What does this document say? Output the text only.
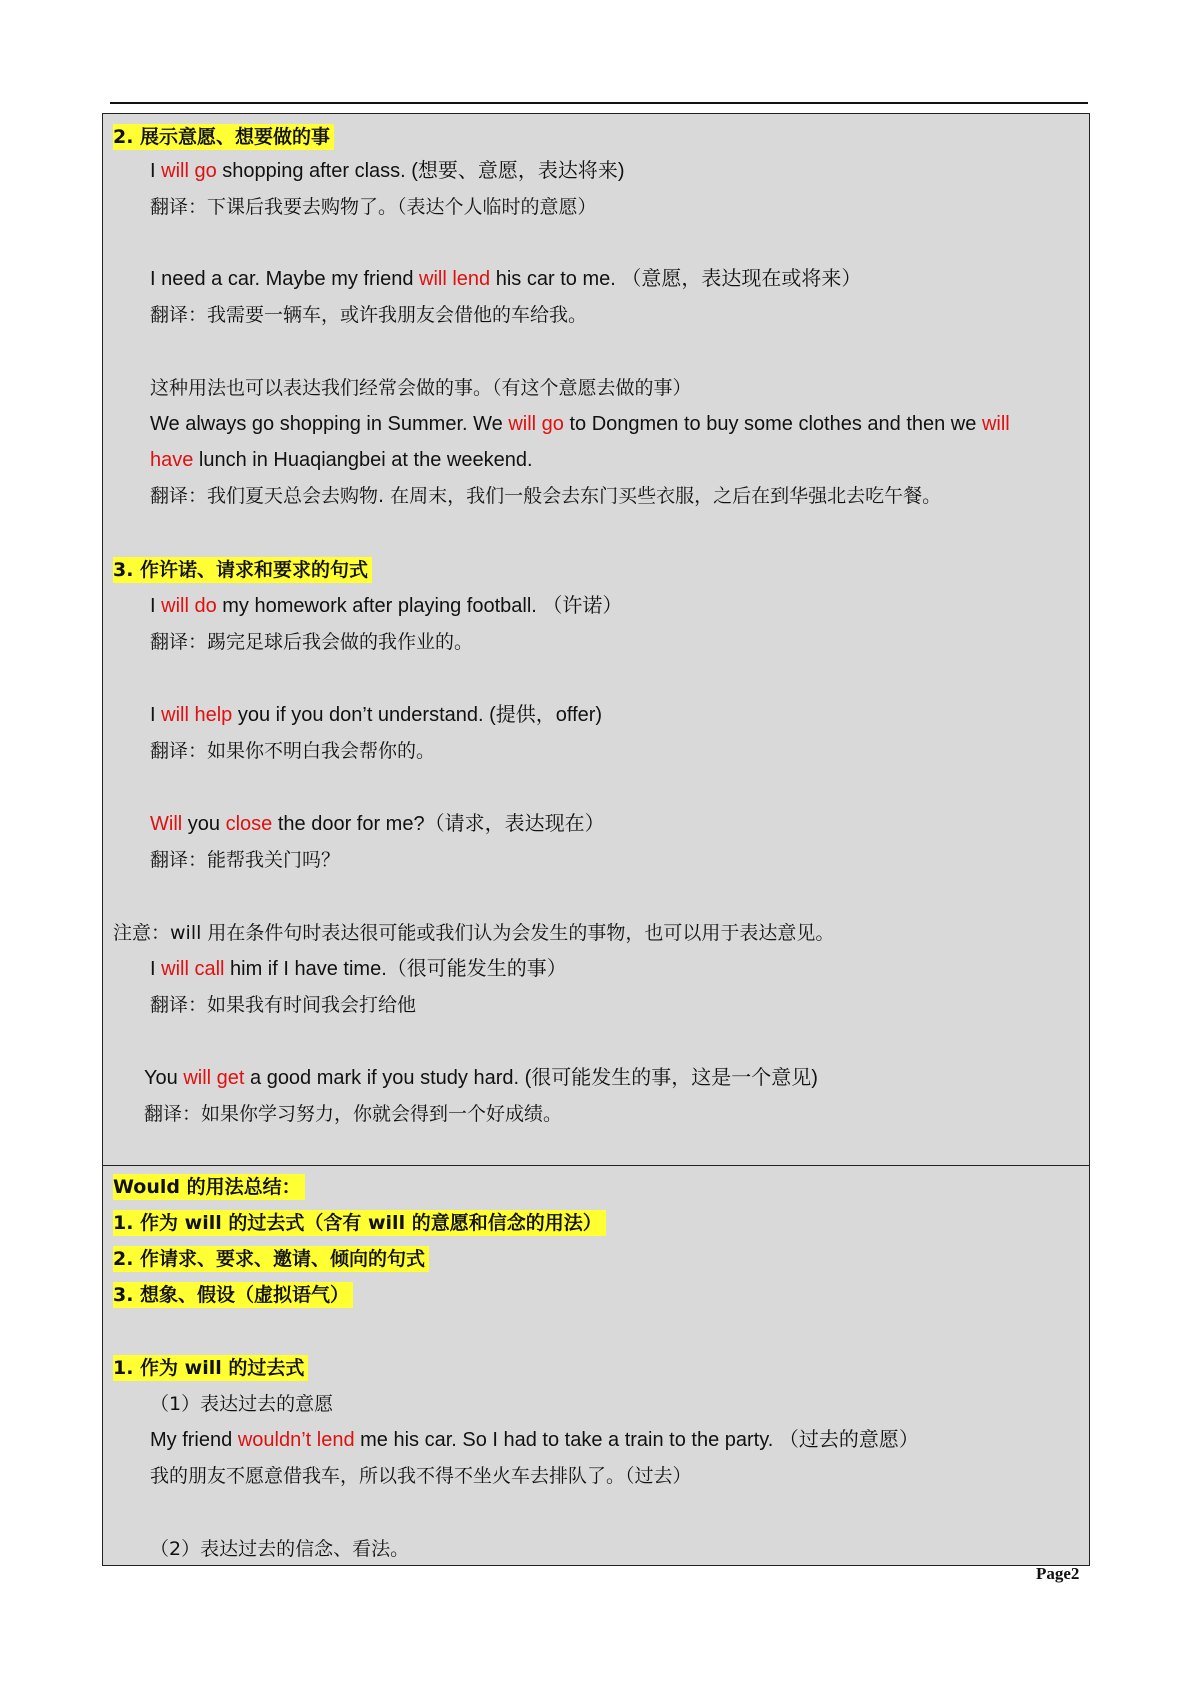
2. 展示意愿、想要做的事
I will go shopping after class. (想要、意愿，表达将来)
翻译：下课后我要去购物了。（表达个人临时的意愿）
I need a car. Maybe my friend will lend his car to me. （意愿，表达现在或将来）
翻译：我需要一辆车，或许我朋友会借他的车给我。
这种用法也可以表达我们经常会做的事。（有这个意愿去做的事）
We always go shopping in Summer. We will go to Dongmen to buy some clothes and then we will
have lunch in Huaqiangbei at the weekend.
翻译：我们夏天总会去购物. 在周末，我们一般会去东门买些衣服，之后在到华强北去吃午餐。
3. 作许诺、请求和要求的句式
I will do my homework after playing football. （许诺）
翻译：踢完足球后我会做的我作业的。
I will help you if you don’t understand. (提供，offer)
翻译：如果你不明白我会帮你的。
Will you close the door for me?（请求，表达现在）
翻译：能帮我关门吗？
注意：will 用在条件句时表达很可能或我们认为会发生的事物，也可以用于表达意见。
I will call him if I have time.（很可能发生的事）
翻译：如果我有时间我会打给他
You will get a good mark if you study hard. (很可能发生的事，这是一个意见)
翻译：如果你学习努力，你就会得到一个好成绩。
Would 的用法总结：
1. 作为 will 的过去式（含有 will 的意愿和信念的用法）
2. 作请求、要求、邀请、倾向的句式
3. 想象、假设（虚拟语气）
1. 作为 will 的过去式
（1）表达过去的意愿
My friend wouldn’t lend me his car. So I had to take a train to the party. （过去的意愿）
我的朋友不愿意借我车，所以我不得不坐火车去排队了。（过去）
（2）表达过去的信念、看法。
Page2
